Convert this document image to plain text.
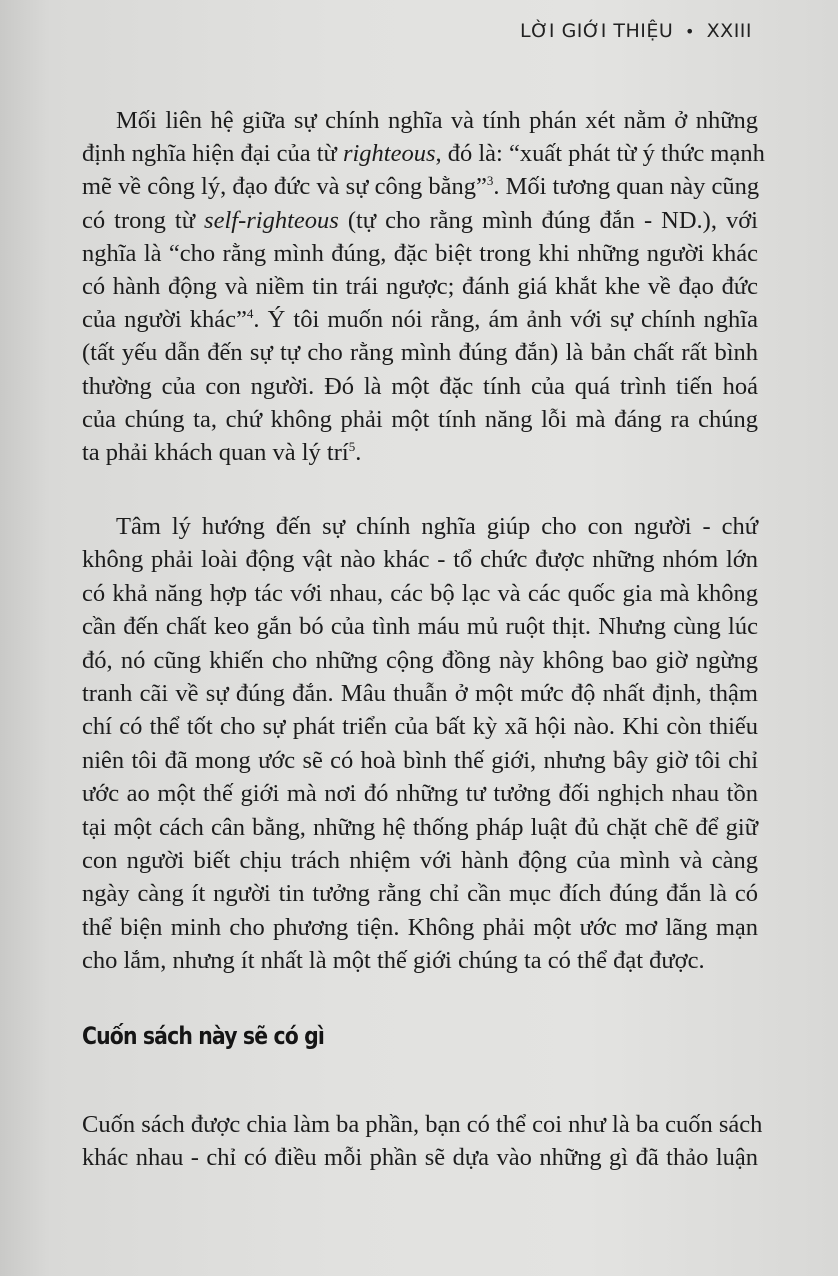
LỜI GIỚI THIỆU • XXIII
Mối liên hệ giữa sự chính nghĩa và tính phán xét nằm ở những
định nghĩa hiện đại của từ righteous, đó là: “xuất phát từ ý thức mạnh
mẽ về công lý, đạo đức và sự công bằng”$^3$. Mối tương quan này cũng
có trong từ self-righteous (tự cho rằng mình đúng đắn - ND.), với
nghĩa là “cho rằng mình đúng, đặc biệt trong khi những người khác
có hành động và niềm tin trái ngược; đánh giá khắt khe về đạo đức
của người khác”$^4$. Ý tôi muốn nói rằng, ám ảnh với sự chính nghĩa
(tất yếu dẫn đến sự tự cho rằng mình đúng đắn) là bản chất rất bình
thường của con người. Đó là một đặc tính của quá trình tiến hoá
của chúng ta, chứ không phải một tính năng lỗi mà đáng ra chúng
ta phải khách quan và lý trí$^5$.
Tâm lý hướng đến sự chính nghĩa giúp cho con người - chứ
không phải loài động vật nào khác - tổ chức được những nhóm lớn
có khả năng hợp tác với nhau, các bộ lạc và các quốc gia mà không
cần đến chất keo gắn bó của tình máu mủ ruột thịt. Nhưng cùng lúc
đó, nó cũng khiến cho những cộng đồng này không bao giờ ngừng
tranh cãi về sự đúng đắn. Mâu thuẫn ở một mức độ nhất định, thậm
chí có thể tốt cho sự phát triển của bất kỳ xã hội nào. Khi còn thiếu
niên tôi đã mong ước sẽ có hoà bình thế giới, nhưng bây giờ tôi chỉ
ước ao một thế giới mà nơi đó những tư tưởng đối nghịch nhau tồn
tại một cách cân bằng, những hệ thống pháp luật đủ chặt chẽ để giữ
con người biết chịu trách nhiệm với hành động của mình và càng
ngày càng ít người tin tưởng rằng chỉ cần mục đích đúng đắn là có
thể biện minh cho phương tiện. Không phải một ước mơ lãng mạn
cho lắm, nhưng ít nhất là một thế giới chúng ta có thể đạt được.
Cuốn sách này sẽ có gì
Cuốn sách được chia làm ba phần, bạn có thể coi như là ba cuốn sách
khác nhau - chỉ có điều mỗi phần sẽ dựa vào những gì đã thảo luận
